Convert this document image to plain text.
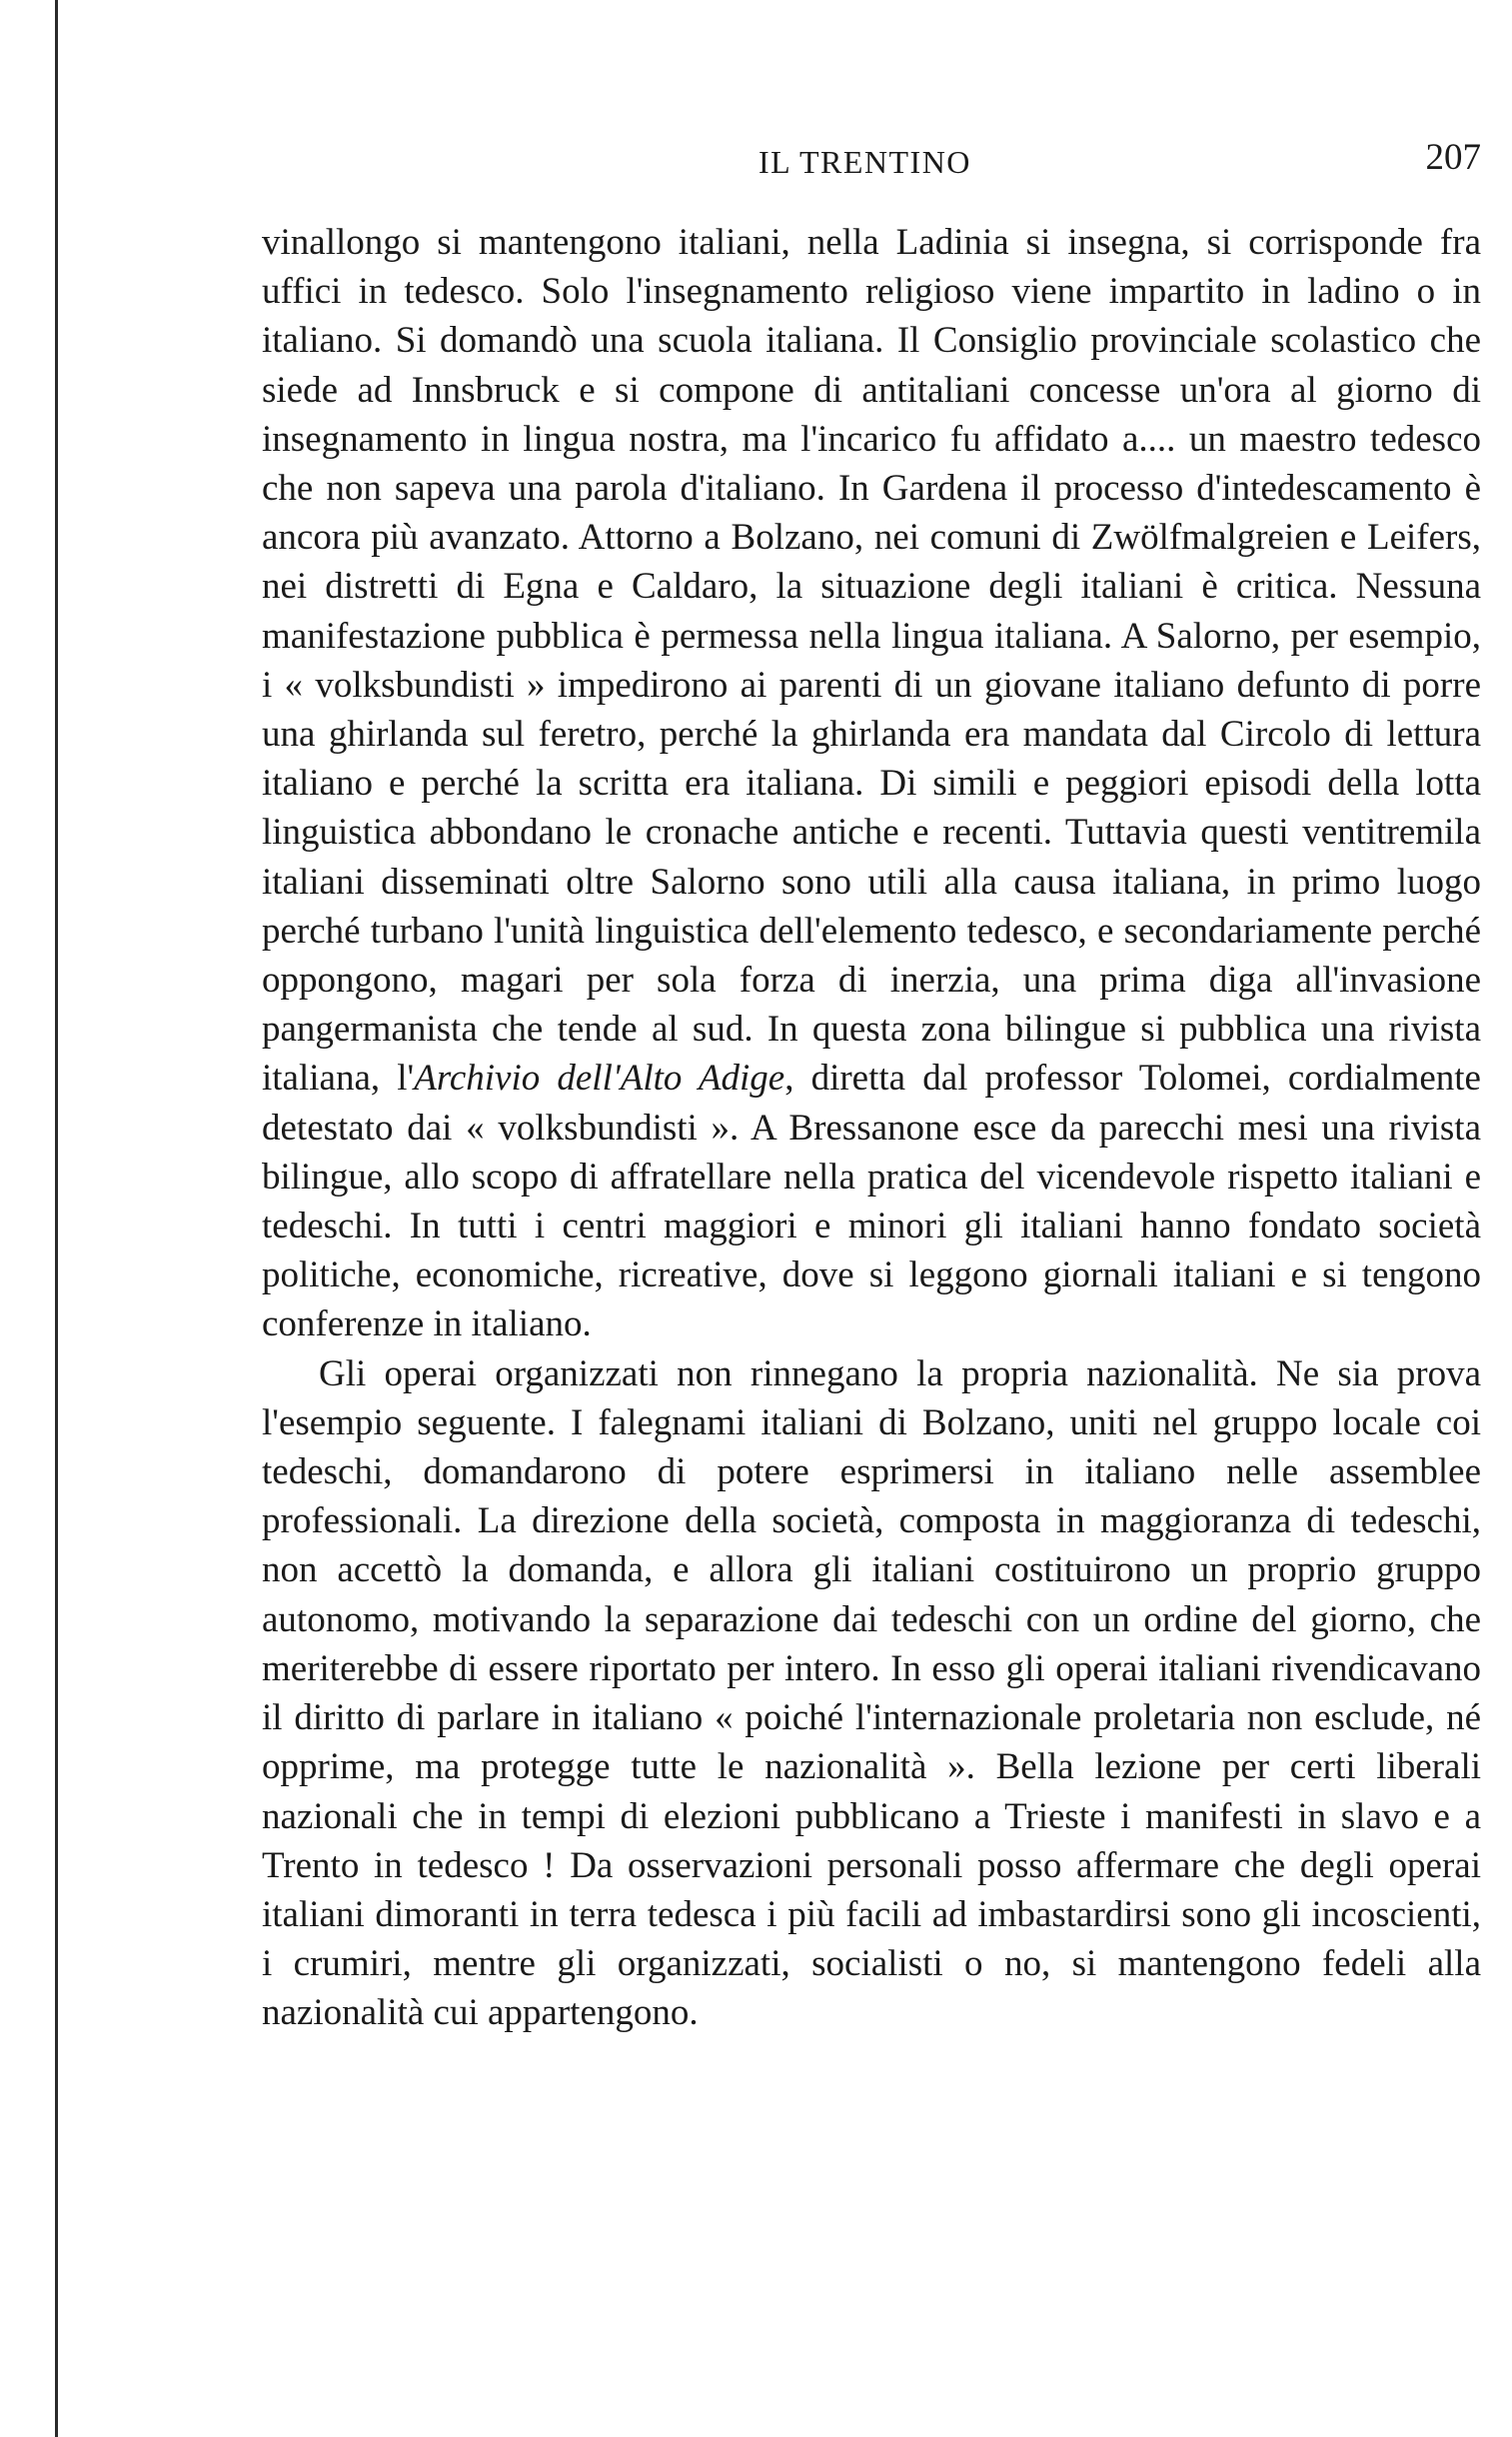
IL TRENTINO	207

vinallongo si mantengono italiani, nella Ladinia si insegna, si corrisponde fra uffici in tedesco. Solo l'insegnamento religioso viene impartito in ladino o in italiano. Si domandò una scuola italiana. Il Consiglio provinciale scolastico che siede ad Innsbruck e si compone di antitaliani concesse un'ora al giorno di insegnamento in lingua nostra, ma l'incarico fu affidato a.... un maestro tedesco che non sapeva una parola d'italiano. In Gardena il processo d'intedescamento è ancora più avanzato. Attorno a Bolzano, nei comuni di Zwölfmalgreien e Leifers, nei distretti di Egna e Caldaro, la situazione degli italiani è critica. Nessuna manifestazione pubblica è permessa nella lingua italiana. A Salorno, per esempio, i « volksbundisti » impedirono ai parenti di un giovane italiano defunto di porre una ghirlanda sul feretro, perché la ghirlanda era mandata dal Circolo di lettura italiano e perché la scritta era italiana. Di simili e peggiori episodi della lotta linguistica abbondano le cronache antiche e recenti. Tuttavia questi ventitremila italiani disseminati oltre Salorno sono utili alla causa italiana, in primo luogo perché turbano l'unità linguistica dell'elemento tedesco, e secondariamente perché oppongono, magari per sola forza di inerzia, una prima diga all'invasione pangermanista che tende al sud. In questa zona bilingue si pubblica una rivista italiana, l'Archivio dell'Alto Adige, diretta dal professor Tolomei, cordialmente detestato dai « volksbundisti ». A Bressanone esce da parecchi mesi una rivista bilingue, allo scopo di affratellare nella pratica del vicendevole rispetto italiani e tedeschi. In tutti i centri maggiori e minori gli italiani hanno fondato società politiche, economiche, ricreative, dove si leggono giornali italiani e si tengono conferenze in italiano.

Gli operai organizzati non rinnegano la propria nazionalità. Ne sia prova l'esempio seguente. I falegnami italiani di Bolzano, uniti nel gruppo locale coi tedeschi, domandarono di potere esprimersi in italiano nelle assemblee professionali. La direzione della società, composta in maggioranza di tedeschi, non accettò la domanda, e allora gli italiani costituirono un proprio gruppo autonomo, motivando la separazione dai tedeschi con un ordine del giorno, che meriterebbe di essere riportato per intero. In esso gli operai italiani rivendicavano il diritto di parlare in italiano « poiché l'internazionale proletaria non esclude, né opprime, ma protegge tutte le nazionalità ». Bella lezione per certi liberali nazionali che in tempi di elezioni pubblicano a Trieste i manifesti in slavo e a Trento in tedesco ! Da osservazioni personali posso affermare che degli operai italiani dimoranti in terra tedesca i più facili ad imbastardirsi sono gli incoscienti, i crumiri, mentre gli organizzati, socialisti o no, si mantengono fedeli alla nazionalità cui appartengono.
